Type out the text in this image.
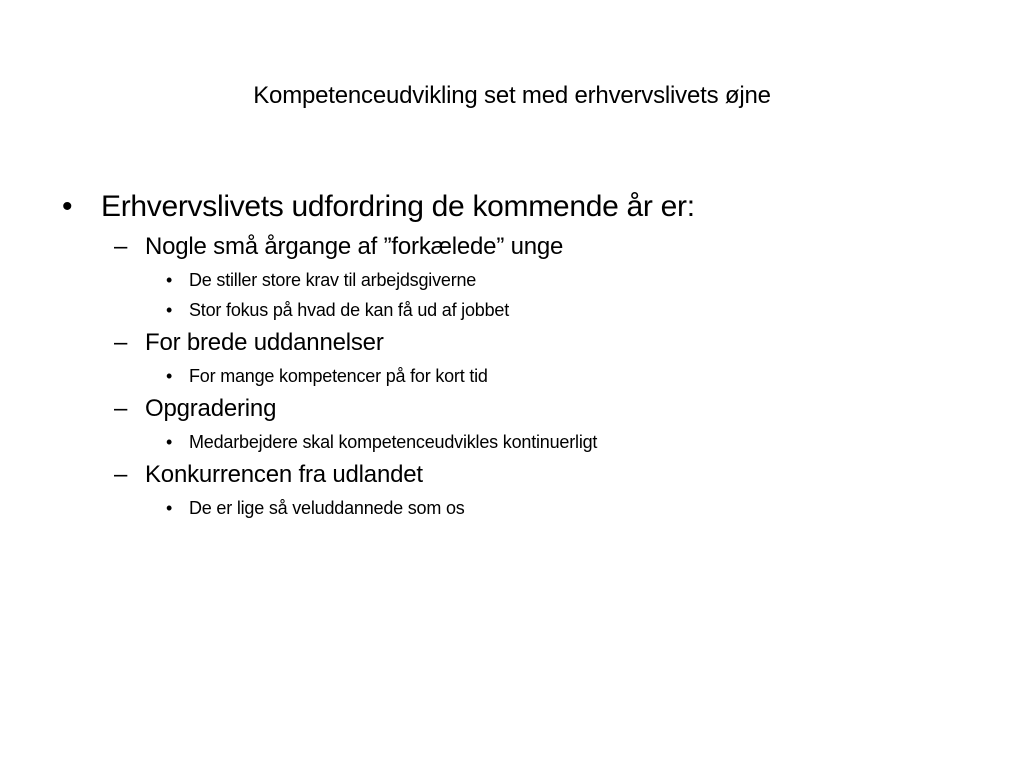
Kompetenceudvikling set med erhvervslivets øjne
• Erhvervslivets udfordring de kommende år er:
– Nogle små årgange af ”forkælede” unge
• De stiller store krav til arbejdsgiverne
• Stor fokus på hvad de kan få ud af jobbet
– For brede uddannelser
• For mange kompetencer på for kort tid
– Opgradering
• Medarbejdere skal kompetenceudvikles kontinuerligt
– Konkurrencen fra udlandet
• De er lige så veluddannede som os
